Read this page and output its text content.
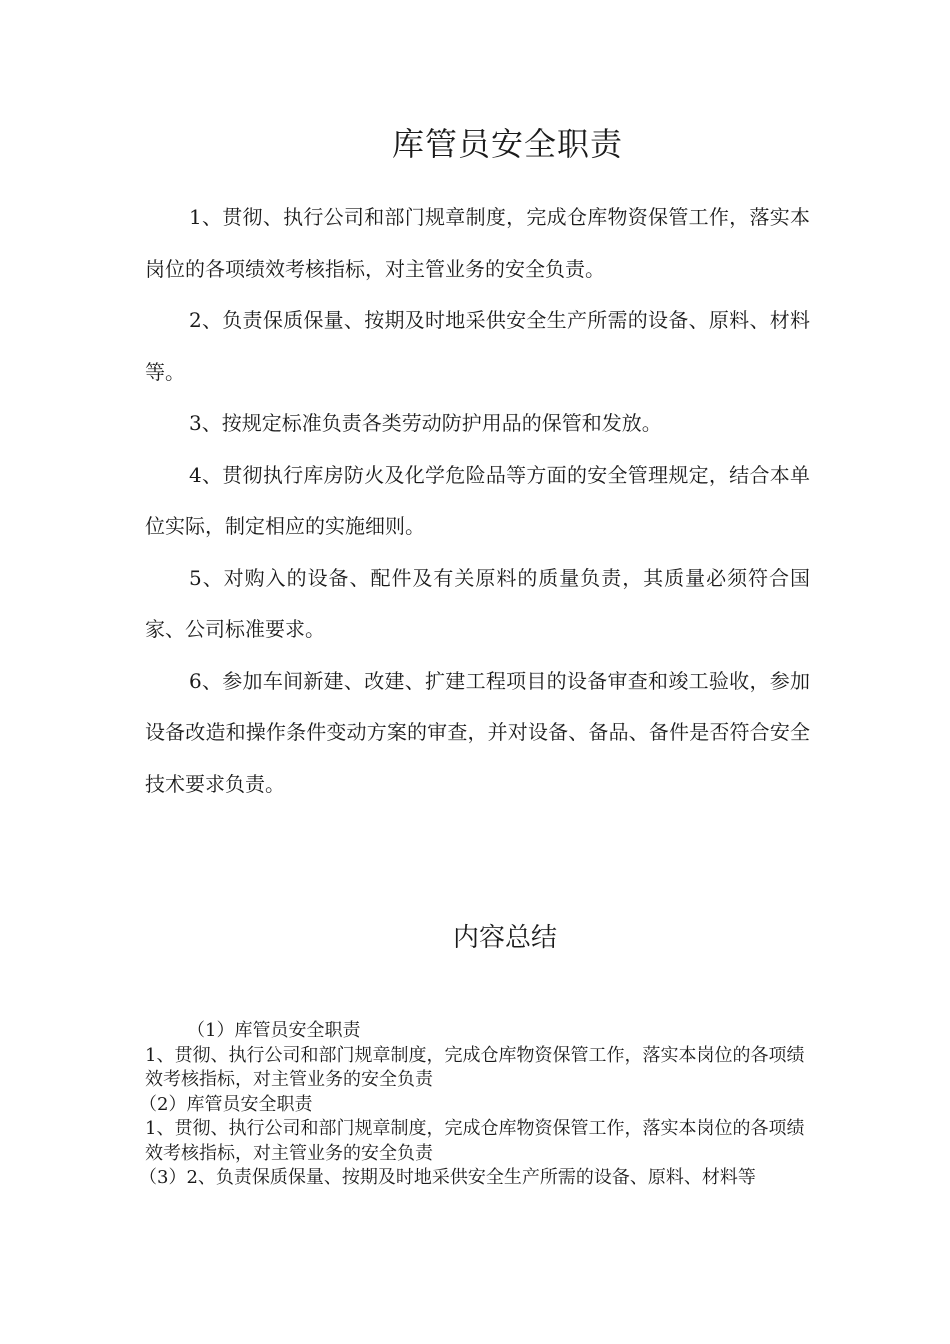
库管员安全职责

1、贯彻、执行公司和部门规章制度，完成仓库物资保管工作，落实本岗位的各项绩效考核指标，对主管业务的安全负责。

2、负责保质保量、按期及时地采供安全生产所需的设备、原料、材料等。

3、按规定标准负责各类劳动防护用品的保管和发放。

4、贯彻执行库房防火及化学危险品等方面的安全管理规定，结合本单位实际，制定相应的实施细则。

5、对购入的设备、配件及有关原料的质量负责，其质量必须符合国家、公司标准要求。

6、参加车间新建、改建、扩建工程项目的设备审查和竣工验收，参加设备改造和操作条件变动方案的审查，并对设备、备品、备件是否符合安全技术要求负责。

内容总结

（1）库管员安全职责

1、贯彻、执行公司和部门规章制度，完成仓库物资保管工作，落实本岗位的各项绩效考核指标，对主管业务的安全负责

（2）库管员安全职责

1、贯彻、执行公司和部门规章制度，完成仓库物资保管工作，落实本岗位的各项绩效考核指标，对主管业务的安全负责

（3）2、负责保质保量、按期及时地采供安全生产所需的设备、原料、材料等
